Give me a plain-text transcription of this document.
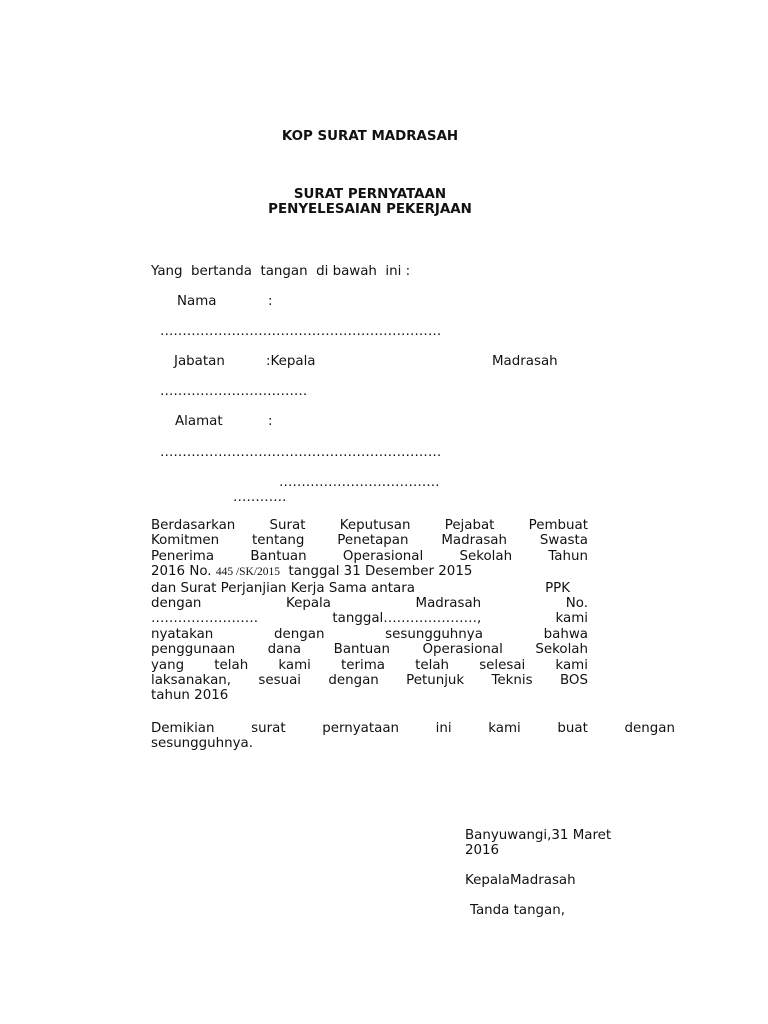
KOP SURAT MADRASAH
SURAT PERNYATAAN
PENYELESAIAN PEKERJAAN
Yang  bertanda  tangan  di bawah  ini :
Nama	:
………………………………………………………
Jabatan	:Kepala	Madrasah
……………………………
Alamat	:
………………………………………………………
………………………………
…………
Berdasarkan	Surat	Keputusan	Pejabat	Pembuat
Komitmen tentang Penetapan Madrasah Swasta
Penerima	Bantuan	Operasional	Sekolah	Tahun
2016 No. 445 /SK/2015  tanggal 31 Desember 2015
dan Surat Perjanjian Kerja Sama antara	PPK
dengan	Kepala	Madrasah	No.
……………………	tanggal…………………,	kami
nyatakan	dengan	sesungguhnya	bahwa
penggunaan dana Bantuan Operasional Sekolah
yang telah kami terima telah selesai kami
laksanakan, sesuai dengan Petunjuk Teknis BOS
tahun 2016
Demikian	surat	pernyataan	ini	kami	buat	dengan
sesungguhnya.
Banyuwangi,31 Maret
2016
KepalaMadrasah
Tanda tangan,
